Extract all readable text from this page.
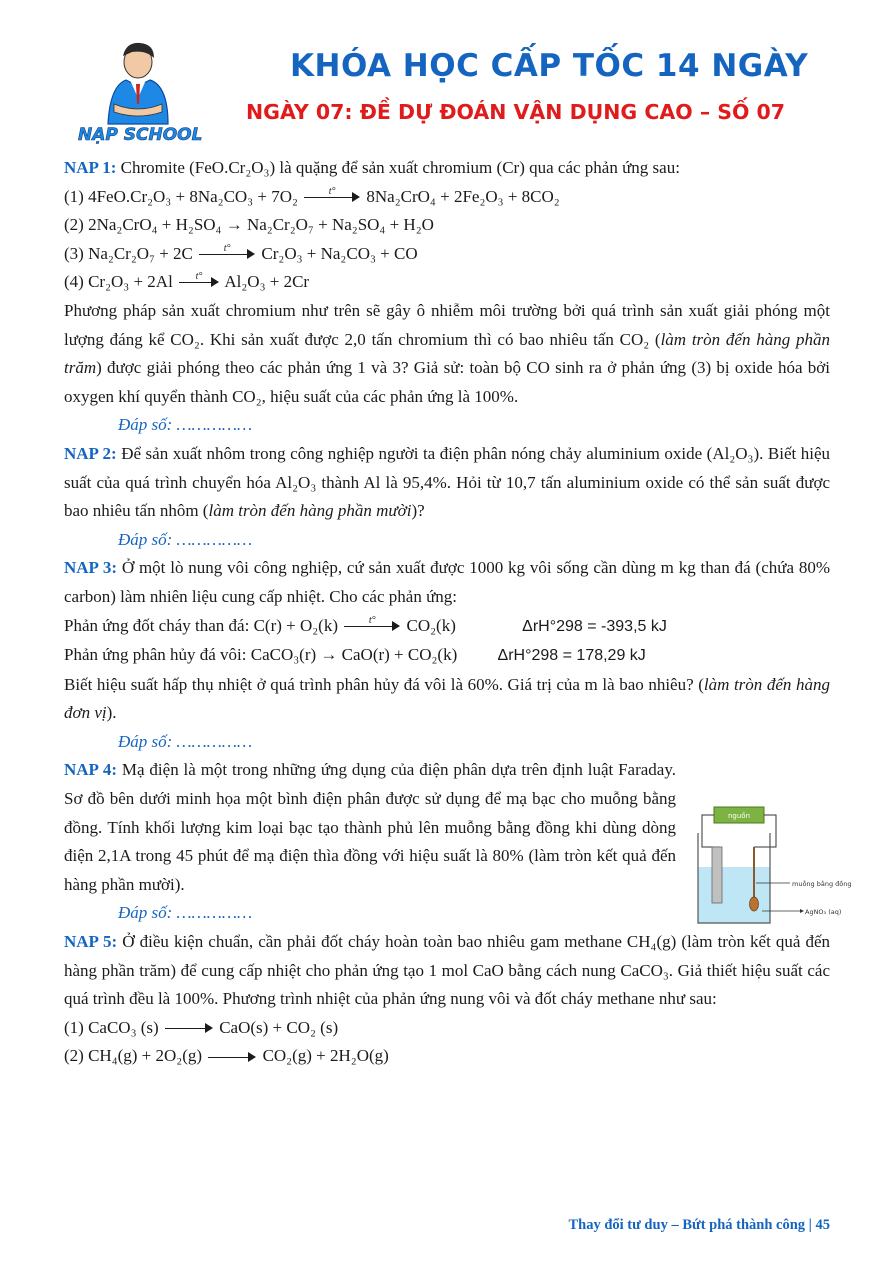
NẠP SCHOOL
KHÓA HỌC CẤP TỐC 14 NGÀY
NGÀY 07: ĐỀ DỰ ĐOÁN VẬN DỤNG CAO – SỐ 07

NAP 1: Chromite (FeO.Cr₂O₃) là quặng để sản xuất chromium (Cr) qua các phản ứng sau:

(1) 4FeO.Cr₂O₃ + 8Na₂CO₃ + 7O₂	t°	8Na₂CrO₄ + 2Fe₂O₃ + 8CO₂

(2) 2Na₂CrO₄ + H₂SO₄ → Na₂Cr₂O₇ + Na₂SO₄ + H₂O

(3) Na₂Cr₂O₇ + 2C	t°	Cr₂O₃ + Na₂CO₃ + CO

(4) Cr₂O₃ + 2Al	t°	Al₂O₃ + 2Cr

Phương pháp sản xuất chromium như trên sẽ gây ô nhiễm môi trường bởi quá trình sản xuất giải phóng một lượng đáng kể CO₂. Khi sản xuất được 2,0 tấn chromium thì có bao nhiêu tấn CO₂ (làm tròn đến hàng phần trăm) được giải phóng theo các phản ứng 1 và 3? Giả sử: toàn bộ CO sinh ra ở phản ứng (3) bị oxide hóa bởi oxygen khí quyển thành CO₂, hiệu suất của các phản ứng là 100%.

Đáp số: ……………

NAP 2: Để sản xuất nhôm trong công nghiệp người ta điện phân nóng chảy aluminium oxide (Al₂O₃). Biết hiệu suất của quá trình chuyển hóa Al₂O₃ thành Al là 95,4%. Hỏi từ 10,7 tấn aluminium oxide có thể sản suất được bao nhiêu tấn nhôm (làm tròn đến hàng phần mười)?

Đáp số: ……………

NAP 3: Ở một lò nung vôi công nghiệp, cứ sản xuất được 1000 kg vôi sống cần dùng m kg than đá (chứa 80% carbon) làm nhiên liệu cung cấp nhiệt. Cho các phản ứng:

Phản ứng đốt cháy than đá: C(r) + O₂(k)	t°	CO₂(k)	ΔrH°298 = -393,5 kJ

Phản ứng phân hủy đá vôi: CaCO₃(r) → CaO(r) + CO₂(k)	ΔrH°298 = 178,29 kJ

Biết hiệu suất hấp thụ nhiệt ở quá trình phân hủy đá vôi là 60%. Giá trị của m là bao nhiêu? (làm tròn đến hàng đơn vị).

Đáp số: ……………

NAP 4: Mạ điện là một trong những ứng dụng của điện phân dựa trên định luật Faraday. Sơ đồ bên dưới minh họa một bình điện phân được sử dụng để mạ bạc cho muỗng bằng đồng. Tính khối lượng kim loại bạc tạo thành phủ lên muỗng bằng đồng khi dùng dòng điện 2,1A trong 45 phút để mạ điện thìa đồng với hiệu suất là 80% (làm tròn kết quả đến hàng phần mười).

Đáp số: ……………

NAP 5: Ở điều kiện chuẩn, cần phải đốt cháy hoàn toàn bao nhiêu gam methane CH₄(g) (làm tròn kết quả đến hàng phần trăm) để cung cấp nhiệt cho phản ứng tạo 1 mol CaO bằng cách nung CaCO₃. Giả thiết hiệu suất các quá trình đều là 100%. Phương trình nhiệt của phản ứng nung vôi và đốt cháy methane như sau:

(1) CaCO₃ (s)	CaO(s) + CO₂ (s)

(2) CH₄(g) + 2O₂(g)	CO₂(g) + 2H₂O(g)

nguồn
muỗng bằng đồng
AgNO₃ (aq)
Thay đổi tư duy – Bứt phá thành công | 45
